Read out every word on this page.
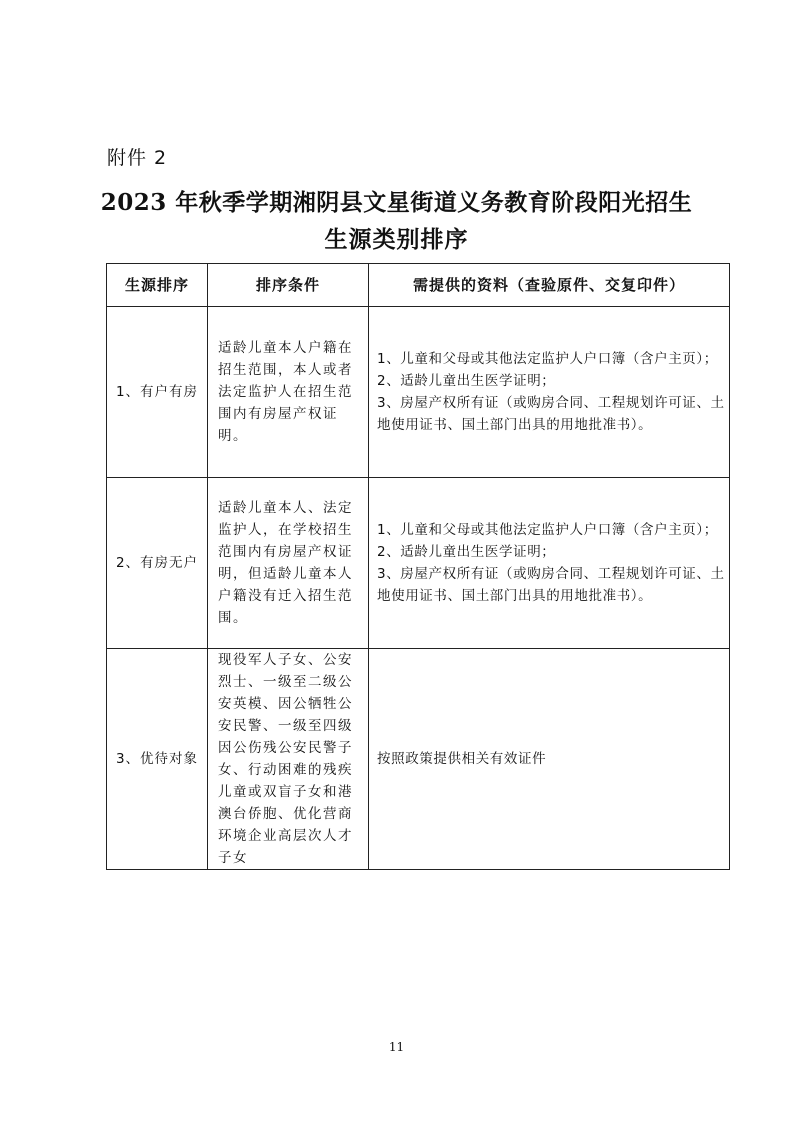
附件 2
2023 年秋季学期湘阴县文星街道义务教育阶段阳光招生
生源类别排序
生源排序	排序条件	需提供的资料（查验原件、交复印件）
1、有户有房	适龄儿童本人户籍在招生范围，本人或者法定监护人在招生范围内有房屋产权证明。	1、儿童和父母或其他法定监护人户口簿（含户主页）；
2、适龄儿童出生医学证明；
3、房屋产权所有证（或购房合同、工程规划许可证、土地使用证书、国土部门出具的用地批准书）。

2、有房无户	适龄儿童本人、法定监护人，在学校招生范围内有房屋产权证明，但适龄儿童本人户籍没有迁入招生范围。	1、儿童和父母或其他法定监护人户口簿（含户主页）；
2、适龄儿童出生医学证明；
3、房屋产权所有证（或购房合同、工程规划许可证、土地使用证书、国土部门出具的用地批准书）。

3、优待对象	现役军人子女、公安烈士、一级至二级公安英模、因公牺牲公安民警、一级至四级因公伤残公安民警子女、行动困难的残疾儿童或双盲子女和港澳台侨胞、优化营商环境企业高层次人才子女	按照政策提供相关有效证件
11
